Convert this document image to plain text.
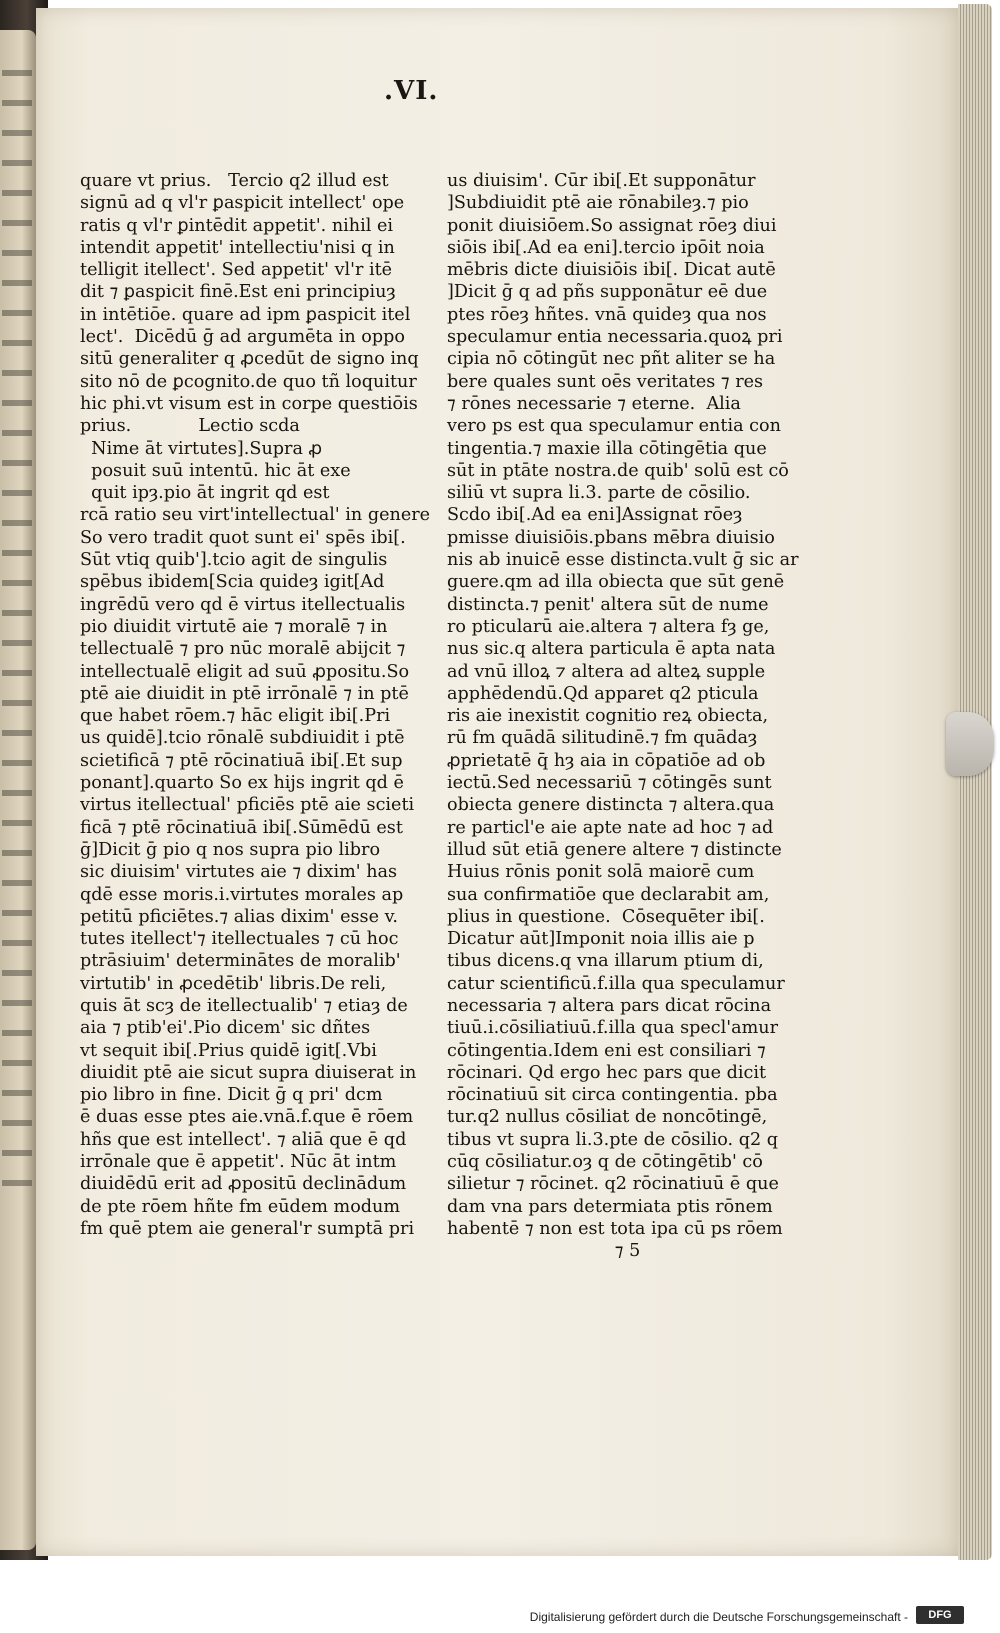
.VI.

quare vt prius.   Tercio q2 illud est
signū ad q vl'r ꝑaspicit intellect' ope
ratis q vl'r ꝑintēdit appetit'. nihil ei
intendit appetit' intellectiu'nisi q in
telligit itellect'. Sed appetit' vl'r itē
dit ⁊ ꝑaspicit finē.Est eni principiuȝ
in intētiōe. quare ad ipm ꝑaspicit itel
lect'.  Dicēdū ḡ ad argumēta in oppo
sitū generaliter q ꝓcedūt de signo inq
sito nō de ꝑcognito.de quo tñ loquitur
hic phi.vt visum est in corpe questiōis
prius.            Lectio scda
Nime āt virtutes].Supra ꝓ
posuit suū intentū. hic āt exe
quit ipȝ.pio āt ingrit qd est
rcā ratio seu virt'intellectual' in genere
So vero tradit quot sunt ei' spēs ibi[.
Sūt vtiq quib'].tcio agit de singulis
spēbus ibidem[Scia quideȝ igit[Ad
ingrēdū vero qd ē virtus itellectualis
pio diuidit virtutē aie ⁊ moralē ⁊ in
tellectualē ⁊ pro nūc moralē abijcit ⁊
intellectualē eligit ad suū ꝓpositu.So
ptē aie diuidit in ptē irrōnalē ⁊ in ptē
que habet rōem.⁊ hāc eligit ibi[.Pri
us quidē].tcio rōnalē subdiuidit i ptē
scietificā ⁊ ptē rōcinatiuā ibi[.Et sup
ponant].quarto So ex hijs ingrit qd ē
virtus itellectual' pficiēs ptē aie scieti
ficā ⁊ ptē rōcinatiuā ibi[.Sūmēdū est
ḡ]Dicit ḡ pio q nos supra pio libro
sic diuisim' virtutes aie ⁊ dixim' has
qdē esse moris.i.virtutes morales ap
petitū pficiētes.⁊ alias dixim' esse v.
tutes itellect'⁊ itellectuales ⁊ cū hoc
ptrāsiuim' determinātes de moralib'
virtutib' in ꝓcedētib' libris.De reli,
quis āt scȝ de itellectualib' ⁊ etiaȝ de
aia ⁊ ptib'ei'.Pio dicem' sic dñtes
vt sequit ibi[.Prius quidē igit[.Vbi
diuidit ptē aie sicut supra diuiserat in
pio libro in fine. Dicit ḡ q pri' dcm
ē duas esse ptes aie.vnā.f.que ē rōem
hñs que est intellect'. ⁊ aliā que ē qd
irrōnale que ē appetit'. Nūc āt intm
diuidēdū erit ad ꝓpositū declinādum
de pte rōem hñte fm eūdem modum
fm quē ptem aie general'r sumptā pri
us diuisim'. Cūr ibi[.Et supponātur
]Subdiuidit ptē aie rōnabileȝ.⁊ pio
ponit diuisiōem.So assignat rōeȝ diui
siōis ibi[.Ad ea eni].tercio ipōit noia
mēbris dicte diuisiōis ibi[. Dicat autē
]Dicit ḡ q ad pñs supponātur eē due
ptes rōeȝ hñtes. vnā quideȝ qua nos
speculamur entia necessaria.quoꝝ pri
cipia nō cōtingūt nec pñt aliter se ha
bere quales sunt oēs veritates ⁊ res
⁊ rōnes necessarie ⁊ eterne.  Alia
vero ps est qua speculamur entia con
tingentia.⁊ maxie illa cōtingētia que
sūt in ptāte nostra.de quib' solū est cō
siliū vt supra li.3. parte de cōsilio.
Scdo ibi[.Ad ea eni]Assignat rōeȝ
pmisse diuisiōis.pbans mēbra diuisio
nis ab inuicē esse distincta.vult ḡ sic ar
guere.qm ad illa obiecta que sūt genē
distincta.⁊ penit' altera sūt de nume
ro pticularū aie.altera ⁊ altera fȝ ge,
nus sic.q altera particula ē apta nata
ad vnū illoꝝ ⁊ altera ad alteꝝ supple
apphēdendū.Qd apparet q2 pticula
ris aie inexistit cognitio reꝝ obiecta,
rū fm quādā silitudinē.⁊ fm quādaȝ
ꝓprietatē q̄ hȝ aia in cōpatiōe ad ob
iectū.Sed necessariū ⁊ cōtingēs sunt
obiecta genere distincta ⁊ altera.qua
re particl'e aie apte nate ad hoc ⁊ ad
illud sūt etiā genere altere ⁊ distincte
Huius rōnis ponit solā maiorē cum
sua confirmatiōe que declarabit am,
plius in questione.  Cōsequēter ibi[.
Dicatur aūt]Imponit noia illis aie p
tibus dicens.q vna illarum ptium di,
catur scientificū.f.illa qua speculamur
necessaria ⁊ altera pars dicat rōcina
tiuū.i.cōsiliatiuū.f.illa qua specl'amur
cōtingentia.Idem eni est consiliari ⁊
rōcinari. Qd ergo hec pars que dicit
rōcinatiuū sit circa contingentia. pba
tur.q2 nullus cōsiliat de noncōtingē,
tibus vt supra li.3.pte de cōsilio. q2 q
cūq cōsiliatur.oȝ q de cōtingētib' cō
silietur ⁊ rōcinet. q2 rōcinatiuū ē que
dam vna pars determiata ptis rōnem
habentē ⁊ non est tota ipa cū ps rōem
⁊ 5

Digitalisierung gefördert durch die Deutsche Forschungsgemeinschaft -	DFG
